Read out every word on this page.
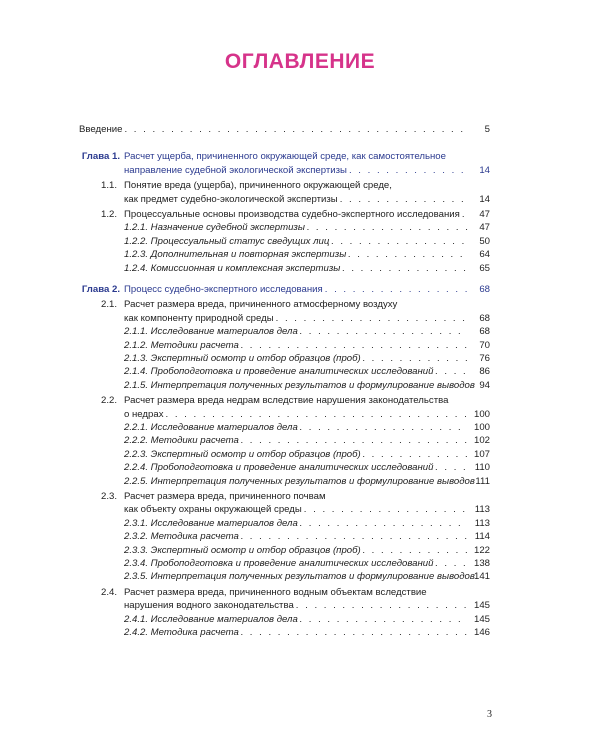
ОГЛАВЛЕНИЕ
Введение . . .	5
Глава 1. Расчет ущерба, причиненного окружающей среде, как самостоятельное
направление судебной экологической экспертизы . . .	14
1.1. Понятие вреда (ущерба), причиненного окружающей среде,
как предмет судебно-экологической экспертизы . . .	14
1.2. Процессуальные основы производства судебно-экспертного исследования . . .	47
1.2.1. Назначение судебной экспертизы . . .	47
1.2.2. Процессуальный статус сведущих лиц . . .	50
1.2.3. Дополнительная и повторная экспертизы . . .	64
1.2.4. Комиссионная и комплексная экспертизы . . .	65
Глава 2. Процесс судебно-экспертного исследования . . .	68
2.1. Расчет размера вреда, причиненного атмосферному воздуху
как компоненту природной среды . . .	68
2.1.1. Исследование материалов дела . . .	68
2.1.2. Методики расчета . . .	70
2.1.3. Экспертный осмотр и отбор образцов (проб) . . .	76
2.1.4. Пробоподготовка и проведение аналитических исследований . . .	86
2.1.5. Интерпретация полученных результатов и формулирование выводов 94
2.2. Расчет размера вреда недрам вследствие нарушения законодательства
о недрах . . .	100
2.2.1. Исследование материалов дела . . .	100
2.2.2. Методики расчета . . .	102
2.2.3. Экспертный осмотр и отбор образцов (проб) . . .	107
2.2.4. Пробоподготовка и проведение аналитических исследований . . .	110
2.2.5. Интерпретация полученных результатов и формулирование выводов 111
2.3. Расчет размера вреда, причиненного почвам
как объекту охраны окружающей среды . . .	113
2.3.1. Исследование материалов дела . . .	113
2.3.2. Методика расчета . . .	114
2.3.3. Экспертный осмотр и отбор образцов (проб) . . .	122
2.3.4. Пробоподготовка и проведение аналитических исследований . . .	138
2.3.5. Интерпретация полученных результатов и формулирование выводов 141
2.4. Расчет размера вреда, причиненного водным объектам вследствие
нарушения водного законодательства . . .	145
2.4.1. Исследование материалов дела . . .	145
2.4.2. Методика расчета . . .	146
3
